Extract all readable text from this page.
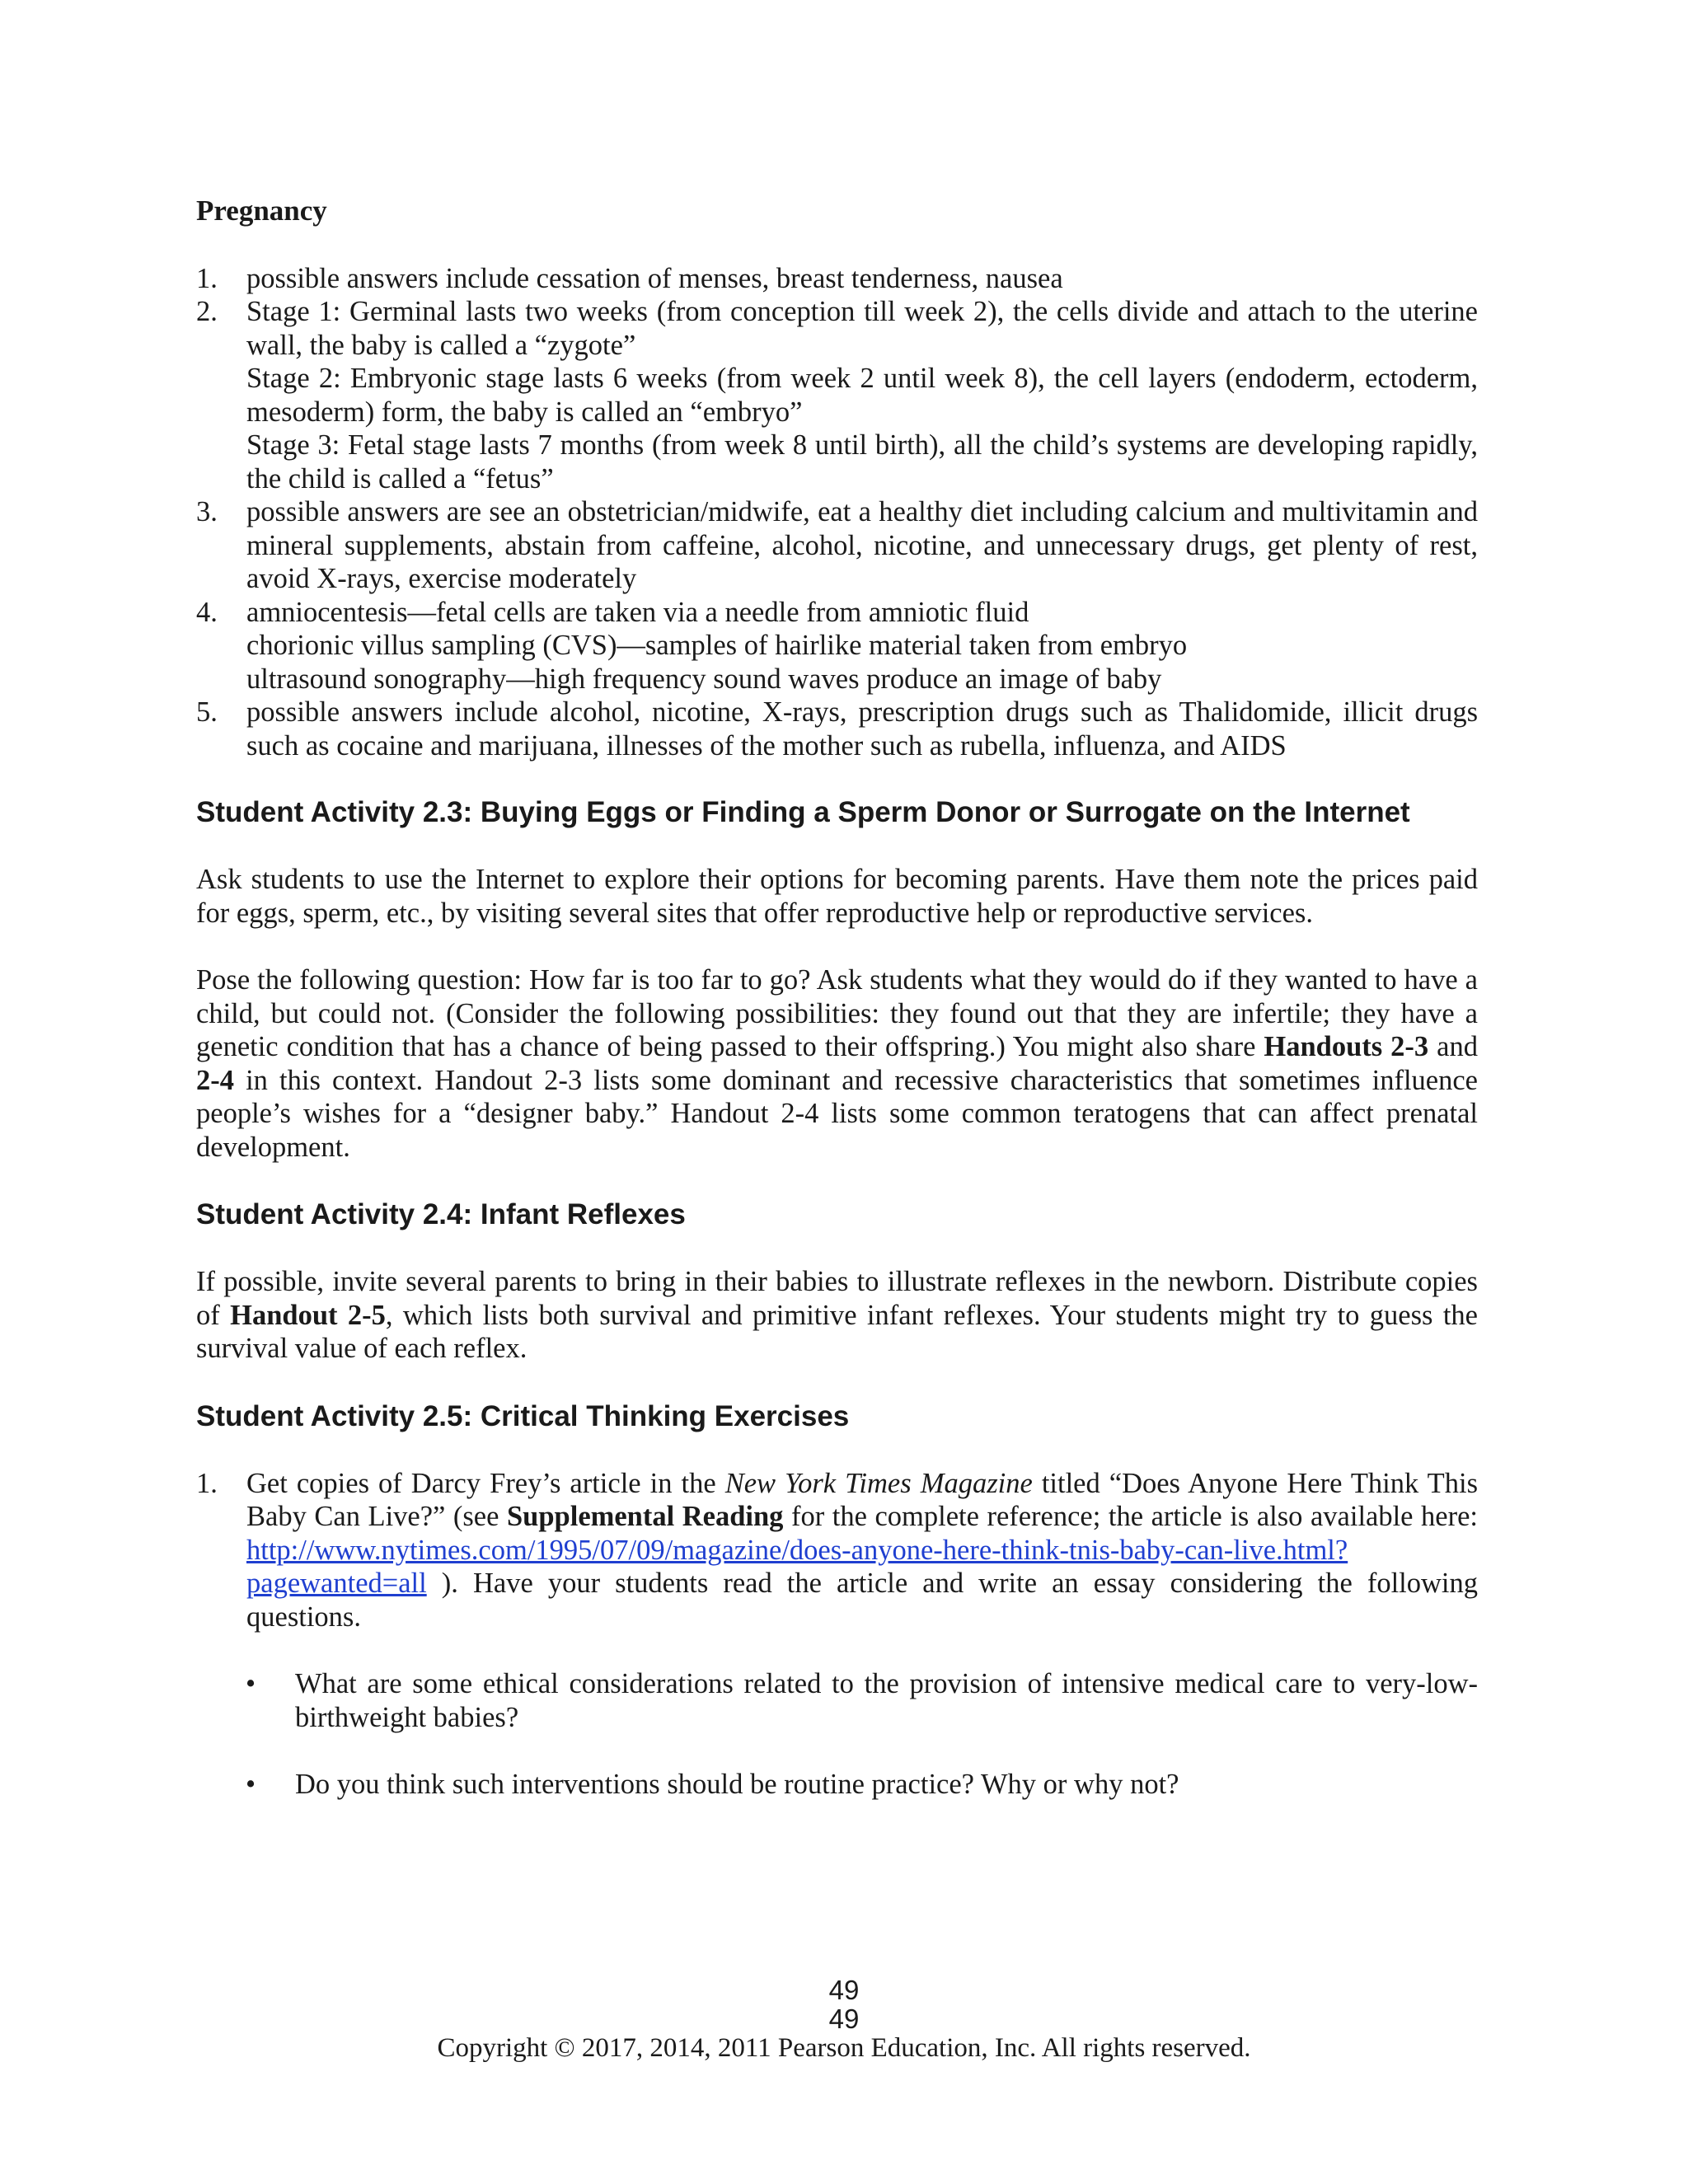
Pregnancy
1. possible answers include cessation of menses, breast tenderness, nausea
2. Stage 1: Germinal lasts two weeks (from conception till week 2), the cells divide and attach to the uterine wall, the baby is called a “zygote”
Stage 2: Embryonic stage lasts 6 weeks (from week 2 until week 8), the cell layers (endoderm, ectoderm, mesoderm) form, the baby is called an “embryo”
Stage 3: Fetal stage lasts 7 months (from week 8 until birth), all the child’s systems are developing rapidly, the child is called a “fetus”
3. possible answers are see an obstetrician/midwife, eat a healthy diet including calcium and multivitamin and mineral supplements, abstain from caffeine, alcohol, nicotine, and unnecessary drugs, get plenty of rest, avoid X-rays, exercise moderately
4. amniocentesis—fetal cells are taken via a needle from amniotic fluid
chorionic villus sampling (CVS)—samples of hairlike material taken from embryo
ultrasound sonography—high frequency sound waves produce an image of baby
5. possible answers include alcohol, nicotine, X-rays, prescription drugs such as Thalidomide, illicit drugs such as cocaine and marijuana, illnesses of the mother such as rubella, influenza, and AIDS
Student Activity 2.3: Buying Eggs or Finding a Sperm Donor or Surrogate on the Internet

Ask students to use the Internet to explore their options for becoming parents. Have them note the prices paid for eggs, sperm, etc., by visiting several sites that offer reproductive help or reproductive services.

Pose the following question: How far is too far to go? Ask students what they would do if they wanted to have a child, but could not. (Consider the following possibilities: they found out that they are infertile; they have a genetic condition that has a chance of being passed to their offspring.) You might also share Handouts 2-3 and 2-4 in this context. Handout 2-3 lists some dominant and recessive characteristics that sometimes influence people’s wishes for a “designer baby.” Handout 2-4 lists some common teratogens that can affect prenatal development.

Student Activity 2.4: Infant Reflexes

If possible, invite several parents to bring in their babies to illustrate reflexes in the newborn. Distribute copies of Handout 2-5, which lists both survival and primitive infant reflexes. Your students might try to guess the survival value of each reflex.

Student Activity 2.5: Critical Thinking Exercises
1. Get copies of Darcy Frey’s article in the New York Times Magazine titled “Does Anyone Here Think This Baby Can Live?” (see Supplemental Reading for the complete reference; the article is also available here: http://www.nytimes.com/1995/07/09/magazine/does-anyone-here-think-tnis-baby-can-live.html?pagewanted=all ). Have your students read the article and write an essay considering the following questions.
• What are some ethical considerations related to the provision of intensive medical care to very-low-birthweight babies?
• Do you think such interventions should be routine practice? Why or why not?
49
49
Copyright © 2017, 2014, 2011 Pearson Education, Inc. All rights reserved.
